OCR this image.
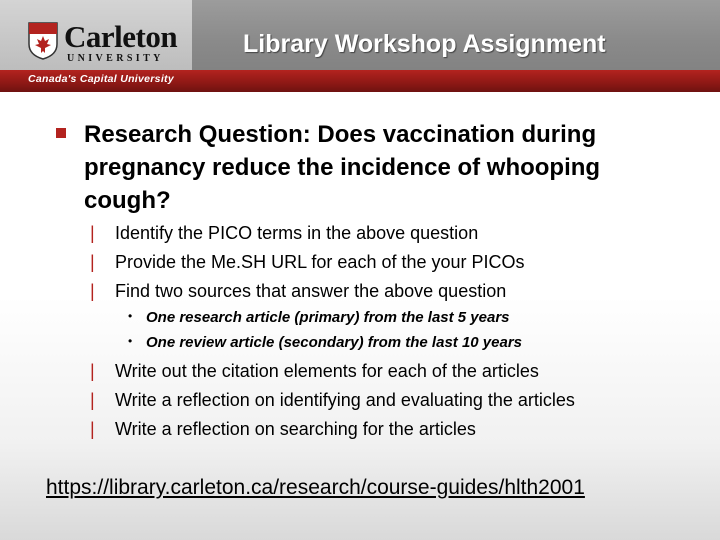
Carleton
UNIVERSITY
Library Workshop Assignment
Canada's Capital University
Research Question: Does vaccination during pregnancy reduce the incidence of whooping cough?
| Identify the PICO terms in the above question
| Provide the Me.SH URL for each of the your PICOs
| Find two sources that answer the above question
• One research article (primary) from the last 5 years
• One review article (secondary) from the last 10 years
| Write out the citation elements for each of the articles
| Write a reflection on identifying and evaluating the articles
| Write a reflection on searching for the articles
https://library.carleton.ca/research/course-guides/hlth2001
